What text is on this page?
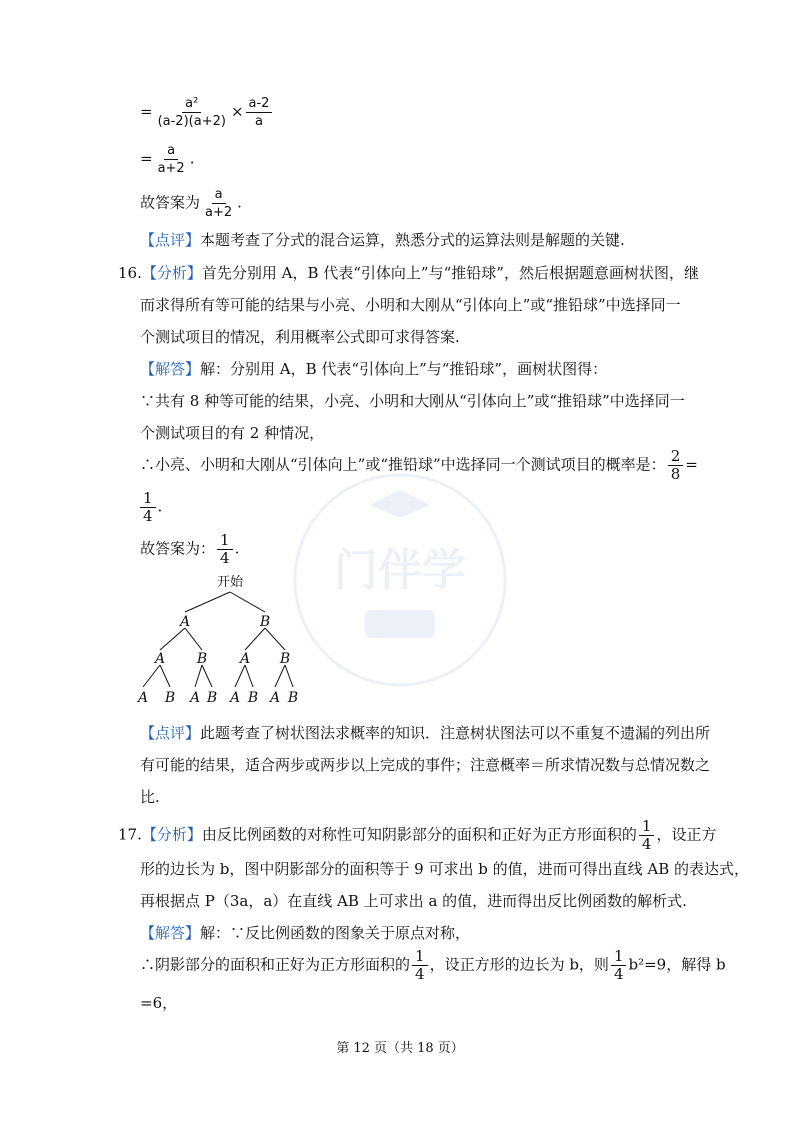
门伴学
= $\frac{\text{a²}}{(a-2)(a+2)} \times \frac{a-2}{a}$
= $\frac{a}{a+2}$ .
故答案为 $\frac{a}{a+2}$ .
【点评】本题考查了分式的混合运算，熟悉分式的运算法则是解题的关键.
16.【分析】首先分别用 A，B 代表“引体向上”与“推铅球”，然后根据题意画树状图，继
而求得所有等可能的结果与小亮、小明和大刚从“引体向上”或“推铅球”中选择同一
个测试项目的情况，利用概率公式即可求得答案.
【解答】解：分别用 A，B 代表“引体向上”与“推铅球”，画树状图得：
∵共有 8 种等可能的结果，小亮、小明和大刚从“引体向上”或“推铅球”中选择同一
个测试项目的有 2 种情况，
∴小亮、小明和大刚从“引体向上”或“推铅球”中选择同一个测试项目的概率是： $\frac{2}{8}$ =
$\frac{1}{4}$ .
故答案为： $\frac{1}{4}$ .
开始
A	B
A B A B
A B A B A B A B
【点评】此题考查了树状图法求概率的知识．注意树状图法可以不重复不遗漏的列出所
有可能的结果，适合两步或两步以上完成的事件；注意概率＝所求情况数与总情况数之
比.
17.【分析】由反比例函数的对称性可知阴影部分的面积和正好为正方形面积的 $\frac{1}{4}$ ，设正方
形的边长为 b，图中阴影部分的面积等于 9 可求出 b 的值，进而可得出直线 AB 的表达式，
再根据点 P（3a，a）在直线 AB 上可求出 a 的值，进而得出反比例函数的解析式.
【解答】解：∵反比例函数的图象关于原点对称，
∴阴影部分的面积和正好为正方形面积的 $\frac{1}{4}$ ，设正方形的边长为 b，则 $\frac{1}{4} b^2=9$，解得 b
=6，
第 12 页（共 18 页）
